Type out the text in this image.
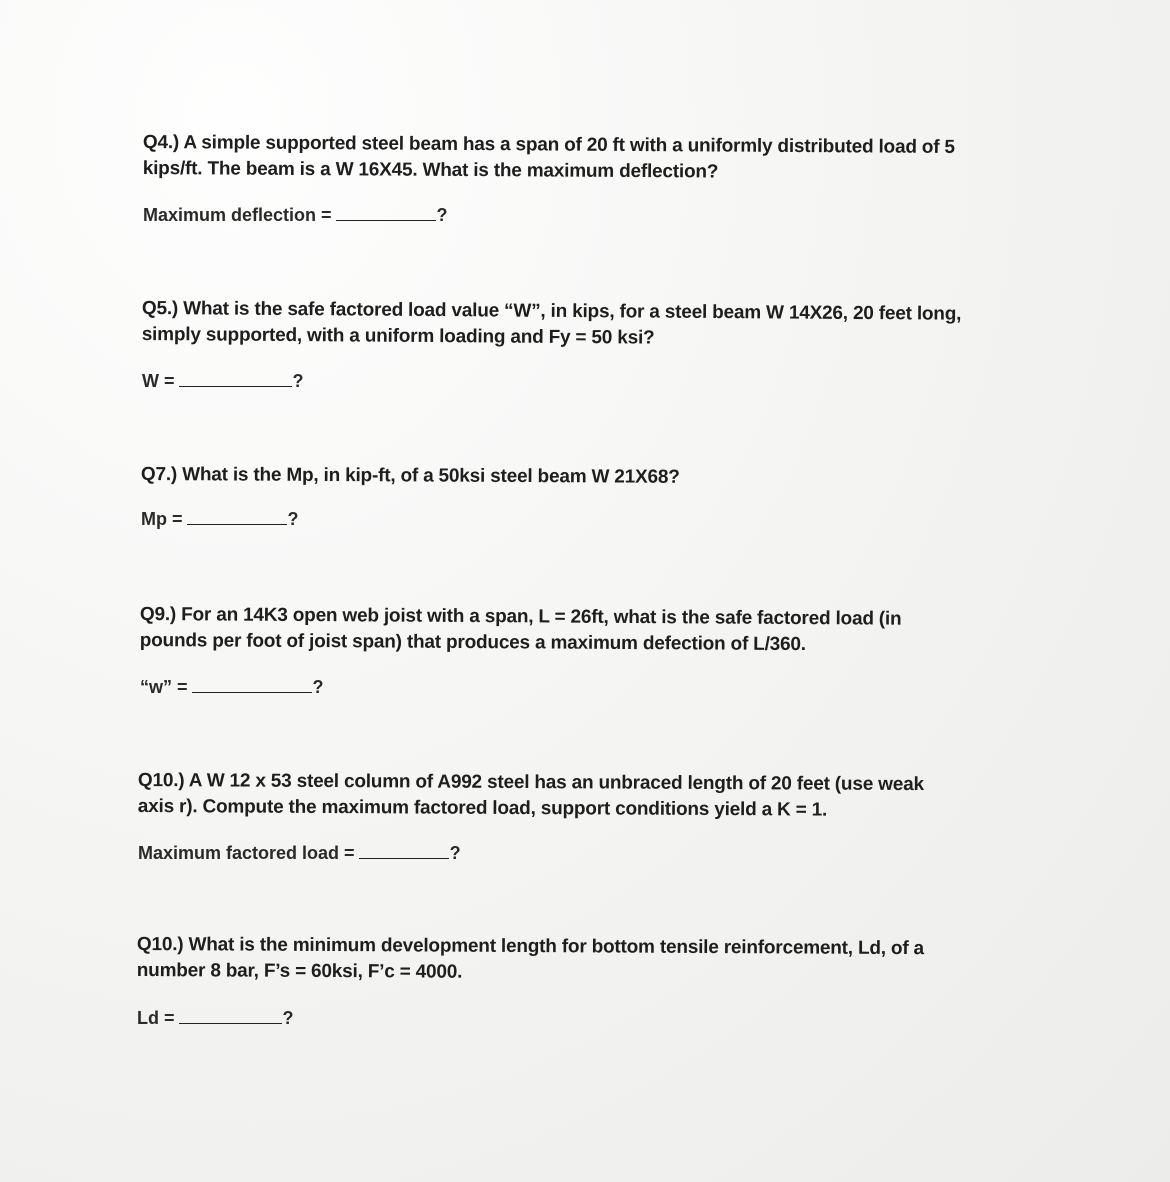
Q4.) A simple supported steel beam has a span of 20 ft with a uniformly distributed load of 5
kips/ft. The beam is a W 16X45. What is the maximum deflection?
Maximum deflection =	?
Q5.) What is the safe factored load value “W”, in kips, for a steel beam W 14X26, 20 feet long,
simply supported, with a uniform loading and Fy = 50 ksi?
W =	?
Q7.) What is the Mp, in kip-ft, of a 50ksi steel beam W 21X68?
Mp =	?
Q9.) For an 14K3 open web joist with a span, L = 26ft, what is the safe factored load (in
pounds per foot of joist span) that produces a maximum defection of L/360.
“w” =	?
Q10.) A W 12 x 53 steel column of A992 steel has an unbraced length of 20 feet (use weak
axis r). Compute the maximum factored load, support conditions yield a K = 1.
Maximum factored load =	?
Q10.) What is the minimum development length for bottom tensile reinforcement, Ld, of a
number 8 bar, F’s = 60ksi, F’c = 4000.
Ld =	?
